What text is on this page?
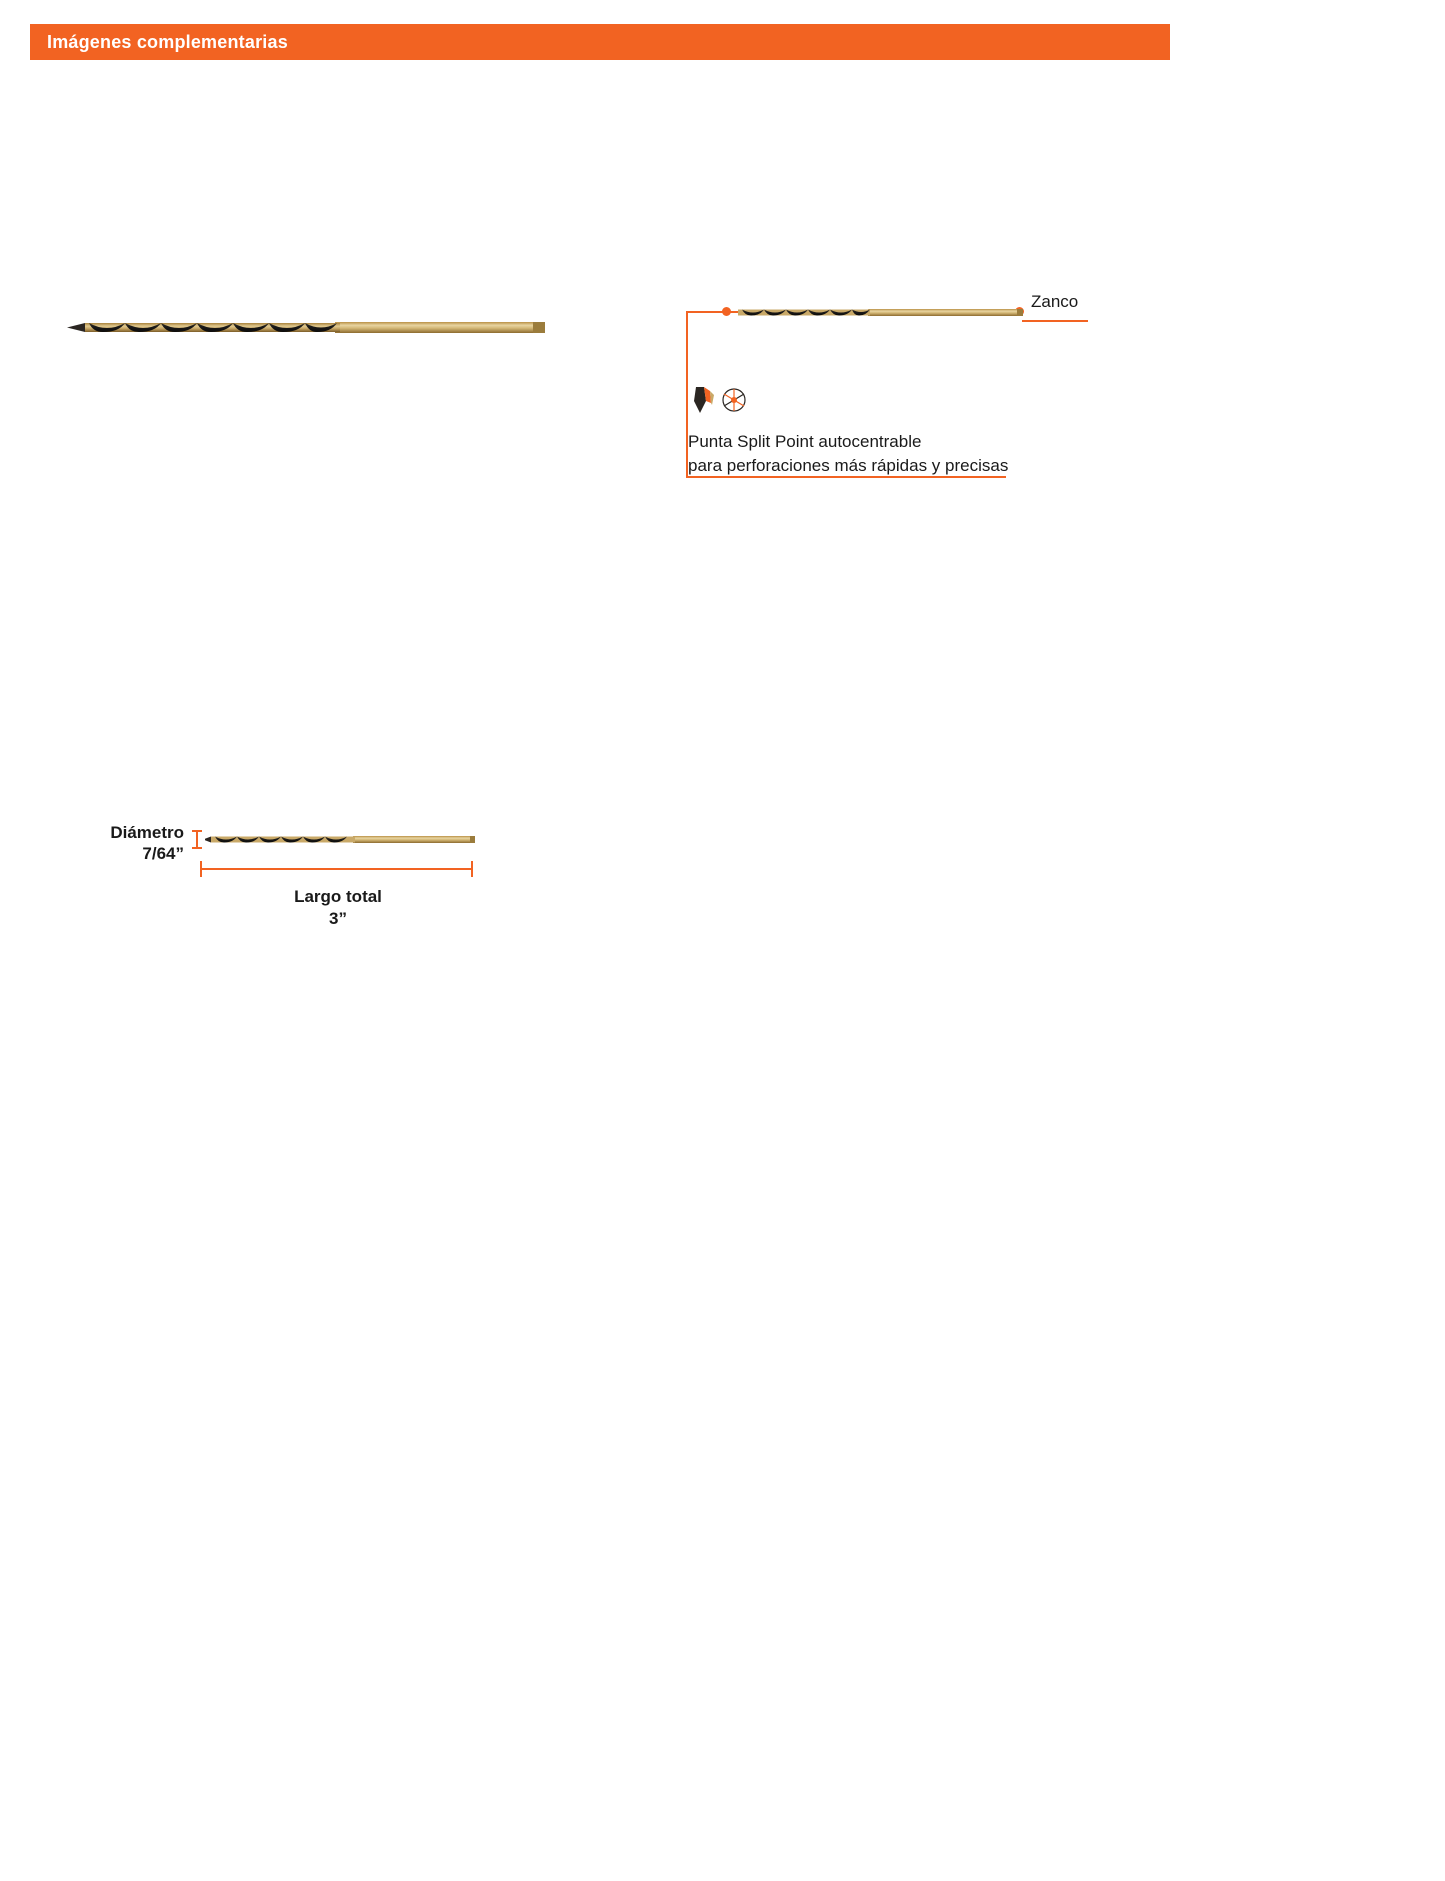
Imágenes complementarias
Zanco
Punta Split Point autocentrable
para perforaciones más rápidas y precisas
Diámetro
7/64”
Largo total
3”
